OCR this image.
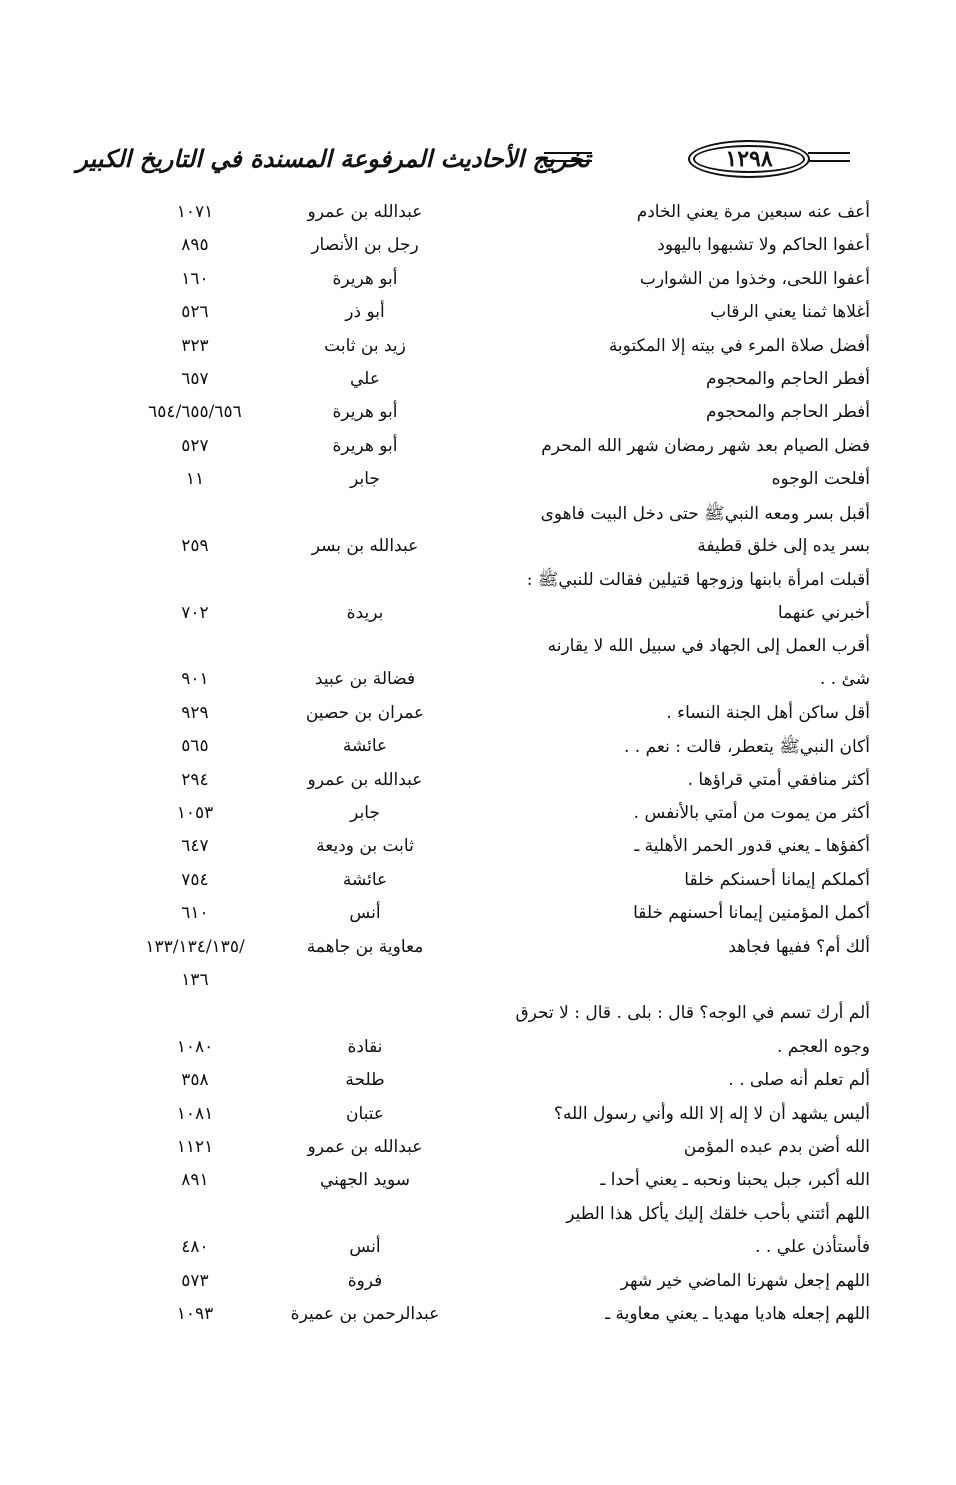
تخريج الأحاديث المرفوعة المسندة في التاريخ الكبير	١٢٩٨
أعف عنه سبعين مرة يعني الخادم
عبدالله بن عمرو
١٠٧١
أعفوا الحاكم ولا تشبهوا باليهود
رجل بن الأنصار
٨٩٥
أعفوا اللحى، وخذوا من الشوارب
أبو هريرة
١٦٠
أغلاها ثمنا يعني الرقاب
أبو ذر
٥٢٦
أفضل صلاة المرء في بيته إلا المكتوبة
زيد بن ثابت
٣٢٣
أفطر الحاجم والمحجوم
علي
٦٥٧
أفطر الحاجم والمحجوم
أبو هريرة
٦٥٤/٦٥٥/٦٥٦
فضل الصيام بعد شهر رمضان شهر الله المحرم
أبو هريرة
٥٢٧
أفلحت الوجوه
جابر
١١
أقبل بسر ومعه النبيﷺ حتى دخل البيت فاهوى
بسر يده إلى خلق قطيفة
عبدالله بن بسر
٢٥٩
أقبلت امرأة بابنها وزوجها قتيلين فقالت للنبيﷺ :
أخبرني عنهما
بريدة
٧٠٢
أقرب العمل إلى الجهاد في سبيل الله لا يقارنه
شئ . .
فضالة بن عبيد
٩٠١
أقل ساكن أهل الجنة النساء .
عمران بن حصين
٩٢٩
أكان النبيﷺ يتعطر، قالت : نعم . .
عائشة
٥٦٥
أكثر منافقي أمتي قراؤها .
عبدالله بن عمرو
٢٩٤
أكثر من يموت من أمتي بالأنفس .
جابر
١٠٥٣
أكفؤها ـ يعني قدور الحمر الأهلية ـ
ثابت بن وديعة
٦٤٧
أكملكم إيمانا أحسنكم خلقا
عائشة
٧٥٤
أكمل المؤمنين إيمانا أحسنهم خلقا
أنس
٦١٠
ألك أم؟ ففيها فجاهد
معاوية بن جاهمة
/١٣٣/١٣٤/١٣٥
١٣٦
ألم أرك تسم في الوجه؟ قال : بلى . قال : لا تحرق
وجوه العجم .
نقادة
١٠٨٠
ألم تعلم أنه صلى . .
طلحة
٣٥٨
أليس يشهد أن لا إله إلا الله وأني رسول الله؟
عتبان
١٠٨١
الله أضن بدم عبده المؤمن
عبدالله بن عمرو
١١٢١
الله أكبر، جبل يحبنا ونحبه ـ يعني أحدا ـ
سويد الجهني
٨٩١
اللهم أئتني بأحب خلقك إليك يأكل هذا الطير
فأستأذن علي . .
أنس
٤٨٠
اللهم إجعل شهرنا الماضي خير شهر
فروة
٥٧٣
اللهم إجعله هاديا مهديا ـ يعني معاوية ـ
عبدالرحمن بن عميرة
١٠٩٣
